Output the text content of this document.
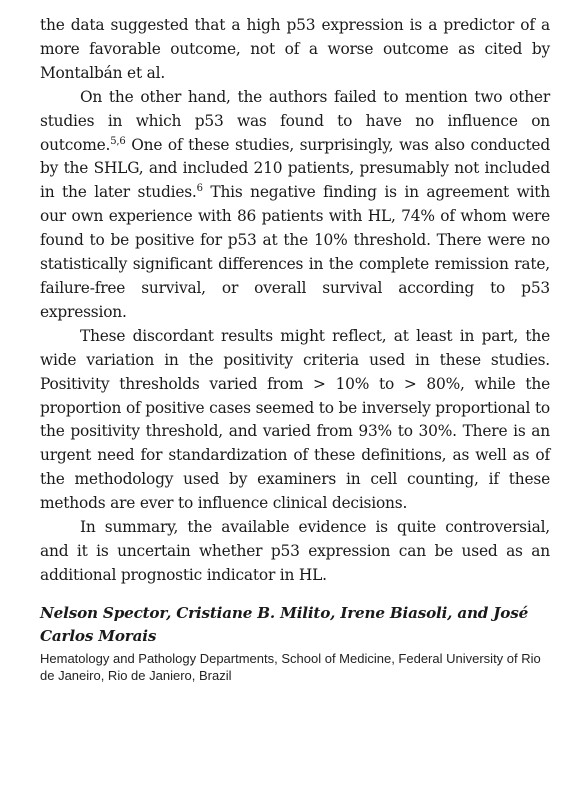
the data suggested that a high p53 expression is a predictor of a more favorable outcome, not of a worse outcome as cited by Montalbán et al.

On the other hand, the authors failed to mention two other studies in which p53 was found to have no influence on outcome.$^{5,6}$ One of these studies, surprisingly, was also conducted by the SHLG, and included 210 patients, presumably not included in the later studies.$^6$ This negative finding is in agreement with our own experience with 86 patients with HL, 74% of whom were found to be positive for p53 at the 10% threshold. There were no statistically significant differences in the complete remission rate, failure-free survival, or overall survival according to p53 expression.

These discordant results might reflect, at least in part, the wide variation in the positivity criteria used in these studies. Positivity thresholds varied from > 10% to > 80%, while the proportion of positive cases seemed to be inversely proportional to the positivity threshold, and varied from 93% to 30%. There is an urgent need for standardization of these definitions, as well as of the methodology used by examiners in cell counting, if these methods are ever to influence clinical decisions.

In summary, the available evidence is quite controversial, and it is uncertain whether p53 expression can be used as an additional prognostic indicator in HL.

Nelson Spector, Cristiane B. Milito, Irene Biasoli, and José Carlos Morais

Hematology and Pathology Departments, School of Medicine, Federal University of Rio de Janeiro, Rio de Janiero, Brazil
